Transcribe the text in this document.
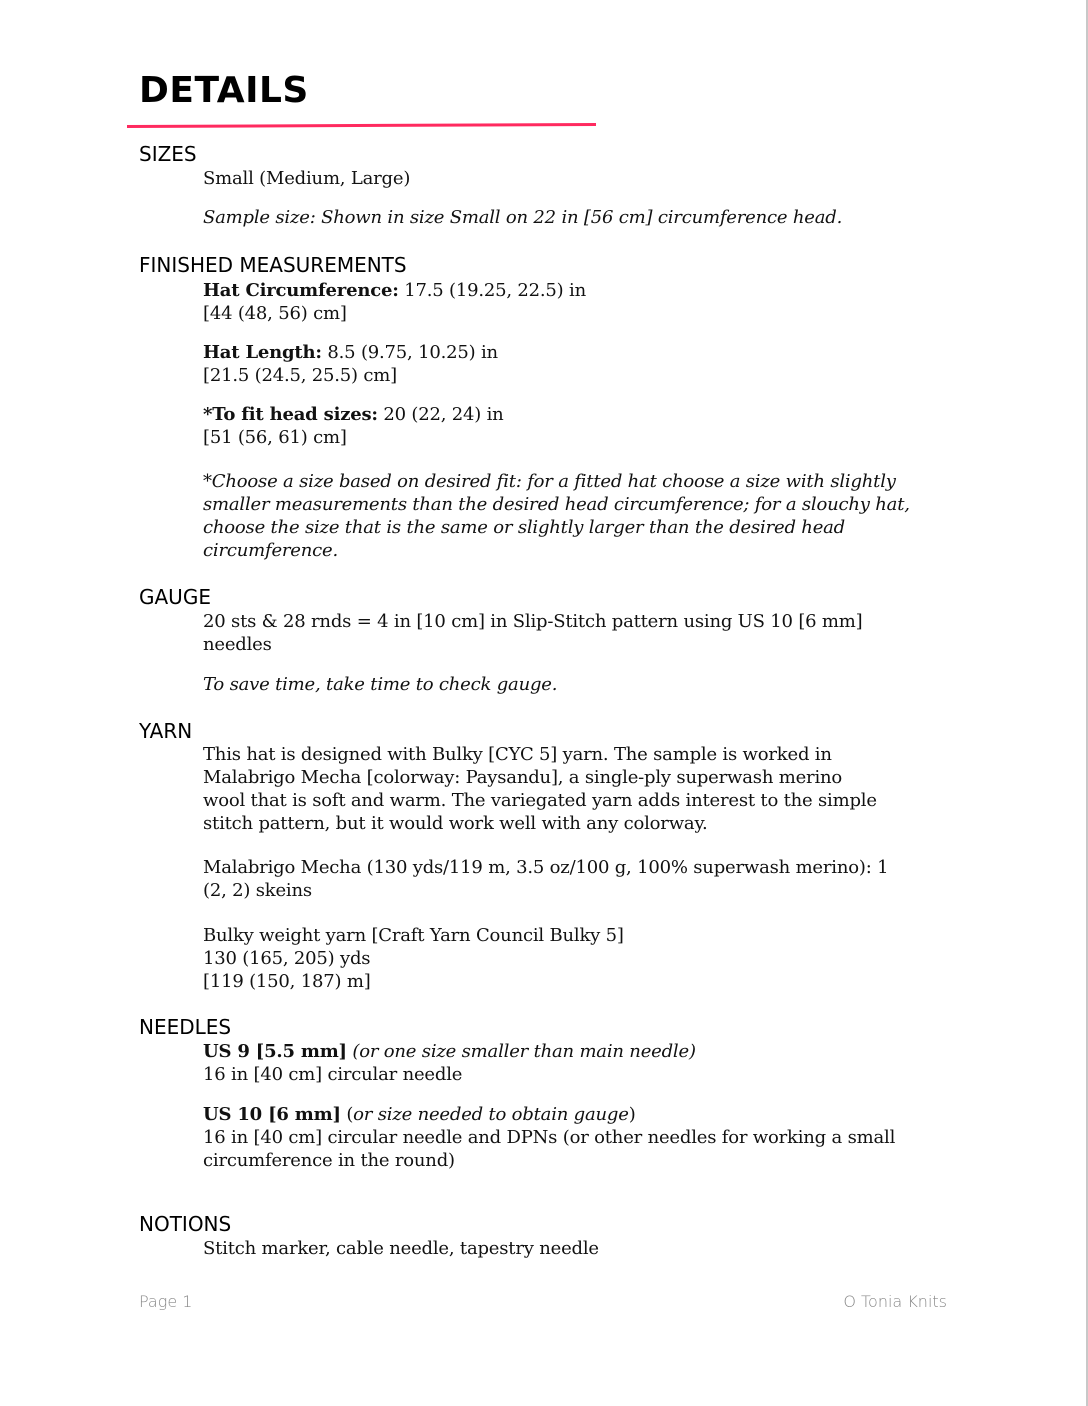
DETAILS
SIZES
Small (Medium, Large)
Sample size: Shown in size Small on 22 in [56 cm] circumference head.
FINISHED MEASUREMENTS
Hat Circumference: 17.5 (19.25, 22.5) in
[44 (48, 56) cm]
Hat Length: 8.5 (9.75, 10.25) in
[21.5 (24.5, 25.5) cm]
*To fit head sizes: 20 (22, 24) in
[51 (56, 61) cm]
*Choose a size based on desired fit: for a fitted hat choose a size with slightly
smaller measurements than the desired head circumference; for a slouchy hat,
choose the size that is the same or slightly larger than the desired head
circumference.
GAUGE
20 sts & 28 rnds = 4 in [10 cm] in Slip-Stitch pattern using US 10 [6 mm]
needles
To save time, take time to check gauge.
YARN
This hat is designed with Bulky [CYC 5] yarn. The sample is worked in
Malabrigo Mecha [colorway: Paysandu], a single-ply superwash merino
wool that is soft and warm. The variegated yarn adds interest to the simple
stitch pattern, but it would work well with any colorway.
Malabrigo Mecha (130 yds/119 m, 3.5 oz/100 g, 100% superwash merino): 1
(2, 2) skeins
Bulky weight yarn [Craft Yarn Council Bulky 5]
130 (165, 205) yds
[119 (150, 187) m]
NEEDLES
US 9 [5.5 mm] (or one size smaller than main needle)
16 in [40 cm] circular needle
US 10 [6 mm] (or size needed to obtain gauge)
16 in [40 cm] circular needle and DPNs (or other needles for working a small
circumference in the round)
NOTIONS
Stitch marker, cable needle, tapestry needle
Page 1	O Tonia Knits
